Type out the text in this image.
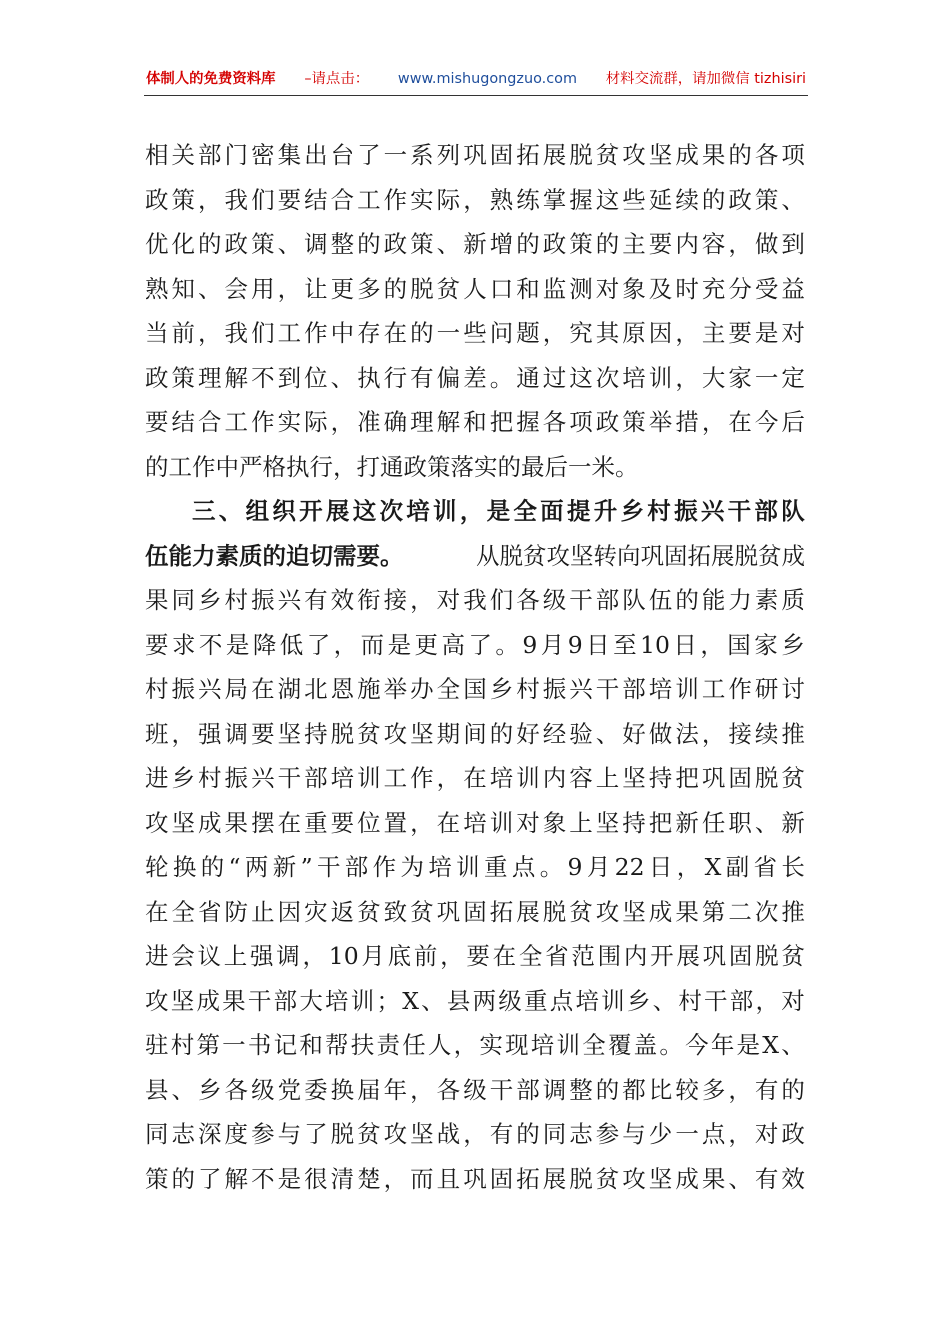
体制人的免费资料库 –请点击： www.mishugongzuo.com 材料交流群，请加微信 tizhisiri
相 关 部 门 密 集 出 台 了 一 系 列 巩 固 拓 展 脱 贫 攻 坚 成 果 的 各 项
政 策 ， 我 们 要 结 合 工 作 实 际 ， 熟 练 掌 握 这 些 延 续 的 政 策 、
优 化 的 政 策 、 调 整 的 政 策 、 新 增 的 政 策 的 主 要 内 容 ， 做 到
熟 知 、 会 用 ， 让 更 多 的 脱 贫 人 口 和 监 测 对 象 及 时 充 分 受 益
当 前 ， 我 们 工 作 中 存 在 的 一 些 问 题 ， 究 其 原 因 ， 主 要 是 对
政 策 理 解 不 到 位 、 执 行 有 偏 差 。 通 过 这 次 培 训 ， 大 家 一 定
要 结 合 工 作 实 际 ， 准 确 理 解 和 把 握 各 项 政 策 举 措 ， 在 今 后
的 工 作 中 严 格 执 行 ， 打 通 政 策 落 实 的 最 后 一 米 。
三 、 组 织 开 展 这 次 培 训 ， 是 全 面 提 升 乡 村 振 兴 干 部 队
伍能力素质的迫切需要。	从脱贫攻坚转向巩固拓展脱贫成
果 同 乡 村 振 兴 有 效 衔 接 ， 对 我 们 各 级 干 部 队 伍 的 能 力 素 质
要 求 不 是 降 低 了 ， 而 是 更 高 了 。 9 月 9 日 至 10 日 ， 国 家 乡
村 振 兴 局 在 湖 北 恩 施 举 办 全 国 乡 村 振 兴 干 部 培 训 工 作 研 讨
班 ， 强 调 要 坚 持 脱 贫 攻 坚 期 间 的 好 经 验 、 好 做 法 ， 接 续 推
进 乡 村 振 兴 干 部 培 训 工 作 ， 在 培 训 内 容 上 坚 持 把 巩 固 脱 贫
攻 坚 成 果 摆 在 重 要 位 置 ， 在 培 训 对 象 上 坚 持 把 新 任 职 、 新
轮 换 的 “ 两 新 ” 干 部 作 为 培 训 重 点 。 9 月 22 日 ， X 副 省 长
在 全 省 防 止 因 灾 返 贫 致 贫 巩 固 拓 展 脱 贫 攻 坚 成 果 第 二 次 推
进 会 议 上 强 调 ， 10 月 底 前 ， 要 在 全 省 范 围 内 开 展 巩 固 脱 贫
攻 坚 成 果 干 部 大 培 训 ； X 、 县 两 级 重 点 培 训 乡 、 村 干 部 ， 对
驻 村 第 一 书 记 和 帮 扶 责 任 人 ， 实 现 培 训 全 覆 盖 。 今 年 是 X 、
县 、 乡 各 级 党 委 换 届 年 ， 各 级 干 部 调 整 的 都 比 较 多 ， 有 的
同 志 深 度 参 与 了 脱 贫 攻 坚 战 ， 有 的 同 志 参 与 少 一 点 ， 对 政
策 的 了 解 不 是 很 清 楚 ， 而 且 巩 固 拓 展 脱 贫 攻 坚 成 果 、 有 效
